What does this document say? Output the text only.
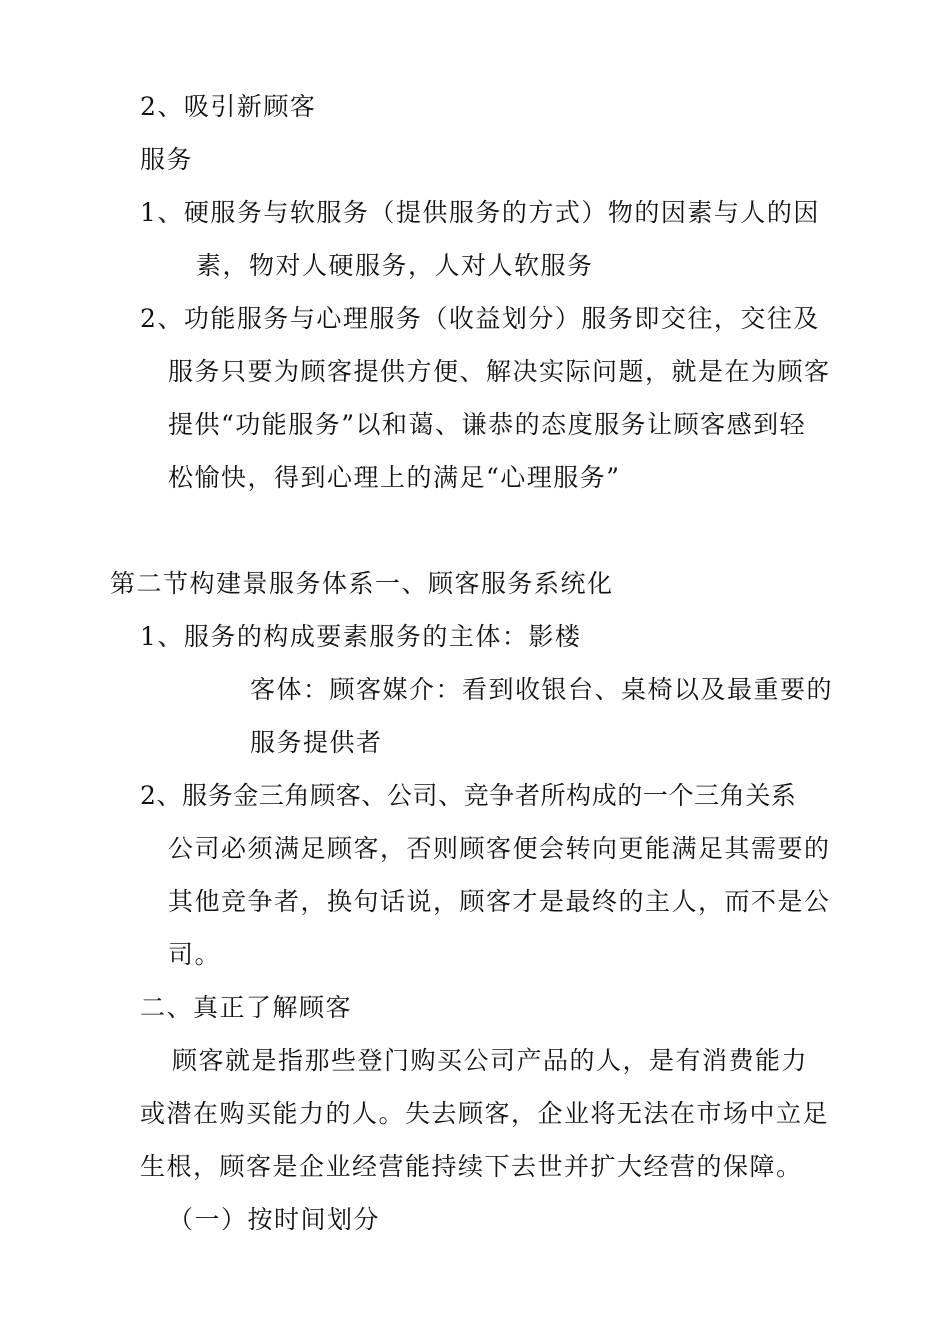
2、吸引新顾客
服务
1、硬服务与软服务（提供服务的方式）物的因素与人的因
素，物对人硬服务，人对人软服务
2、功能服务与心理服务（收益划分）服务即交往，交往及
服务只要为顾客提供方便、解决实际问题，就是在为顾客
提供“功能服务”以和蔼、谦恭的态度服务让顾客感到轻
松愉快，得到心理上的满足“心理服务”
第二节构建景服务体系一、顾客服务系统化
1、服务的构成要素服务的主体：影楼
客体：顾客媒介：看到收银台、桌椅以及最重要的
服务提供者
2、服务金三角顾客、公司、竞争者所构成的一个三角关系
公司必须满足顾客，否则顾客便会转向更能满足其需要的
其他竞争者，换句话说，顾客才是最终的主人，而不是公
司。
二、真正了解顾客
顾客就是指那些登门购买公司产品的人，是有消费能力
或潜在购买能力的人。失去顾客，企业将无法在市场中立足
生根，顾客是企业经营能持续下去世并扩大经营的保障。
（一）按时间划分
